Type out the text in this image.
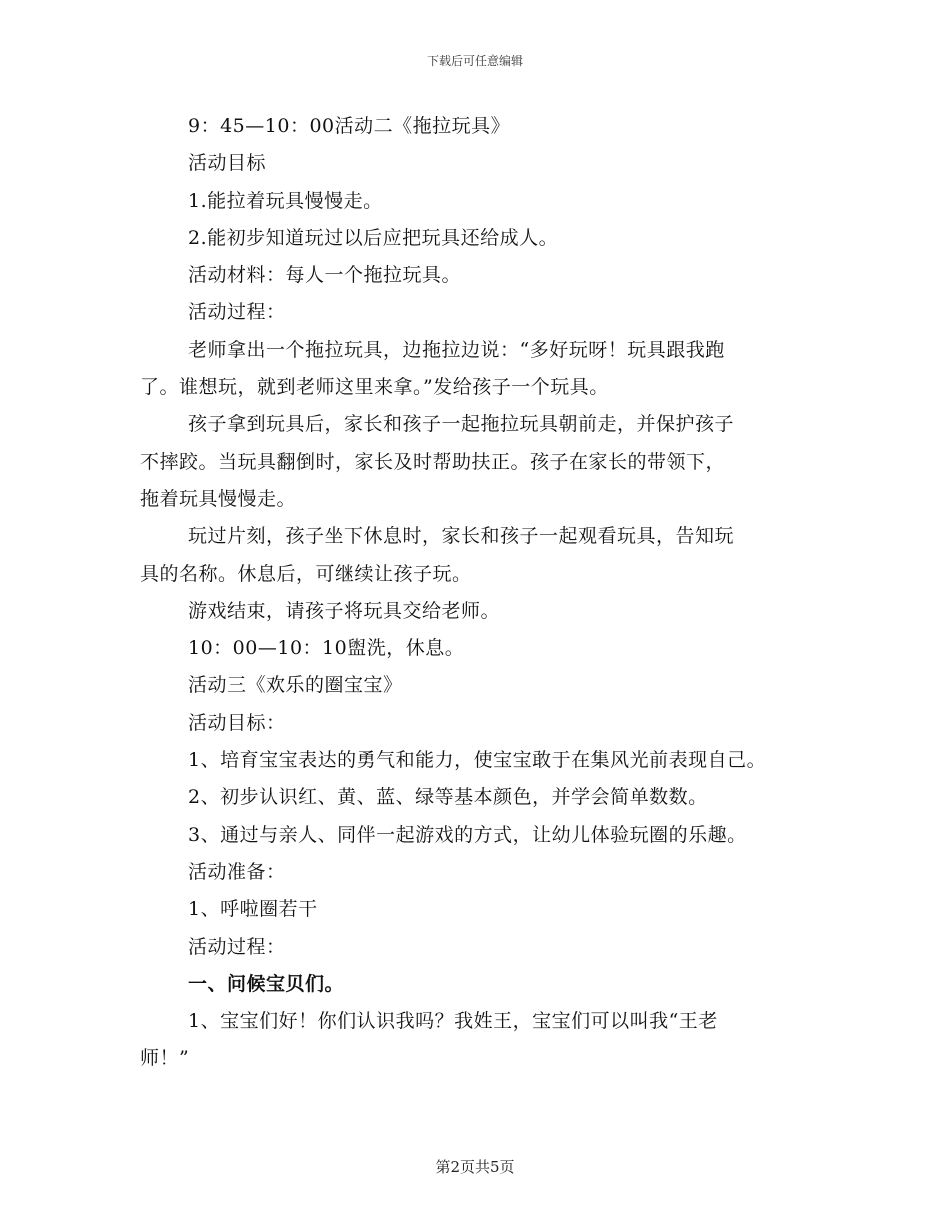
下载后可任意编辑
9：45—10：00活动二《拖拉玩具》
活动目标
1.能拉着玩具慢慢走。
2.能初步知道玩过以后应把玩具还给成人。
活动材料：每人一个拖拉玩具。
活动过程：
老师拿出一个拖拉玩具，边拖拉边说：“多好玩呀！玩具跟我跑
了。谁想玩，就到老师这里来拿。”发给孩子一个玩具。
孩子拿到玩具后，家长和孩子一起拖拉玩具朝前走，并保护孩子
不摔跤。当玩具翻倒时，家长及时帮助扶正。孩子在家长的带领下，
拖着玩具慢慢走。
玩过片刻，孩子坐下休息时，家长和孩子一起观看玩具，告知玩
具的名称。休息后，可继续让孩子玩。
游戏结束，请孩子将玩具交给老师。
10：00—10：10盥洗，休息。
活动三《欢乐的圈宝宝》
活动目标：
1、培育宝宝表达的勇气和能力，使宝宝敢于在集风光前表现自己。
2、初步认识红、黄、蓝、绿等基本颜色，并学会简单数数。
3、通过与亲人、同伴一起游戏的方式，让幼儿体验玩圈的乐趣。
活动准备：
1、呼啦圈若干
活动过程：
一、问候宝贝们。
1、宝宝们好！你们认识我吗？我姓王，宝宝们可以叫我“王老
师！”
第2页共5页
